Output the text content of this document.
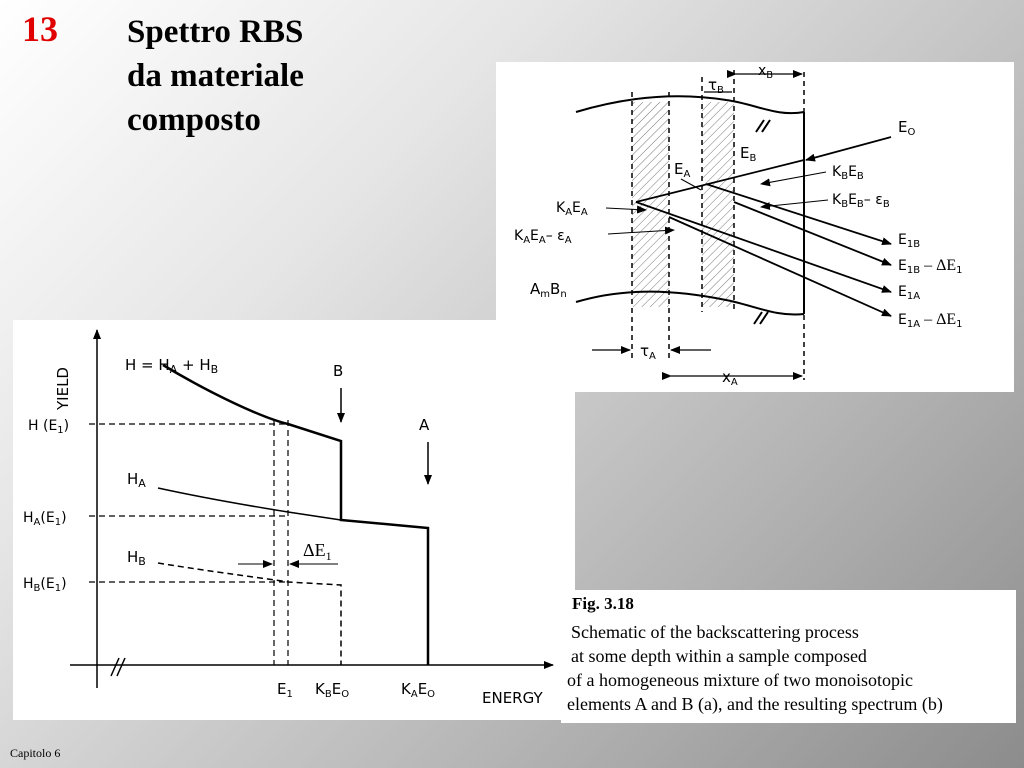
13 Spettro RBS
da materiale
composto
$x_B$
$\tau_B$
$E_O$
$E_B$
$E_A$	$K_BE_B$
$K_BE_B-$ $\varepsilon_B$
$K_AE_A$
$K_AE_A-$ $\varepsilon_A$	$E_{1B}$
$E_{1B} - \Delta E_1$
$E_{1A}$
$E_{1A} - \Delta E_1$
$A_mB_n$
$\tau_A$
$x_A$
YIELD
ENERGY
$H = H_A + H_B$
$H_A$
$H_B$
B
A
H $(E_1)$
$H_A(E_1)$
$H_B(E_1)$
$\Delta E_1$
$E_1$ $K_BE_O$	$K_AE_O$
Fig. 3.18
Schematic of the backscattering process
at some depth within a sample composed
of a homogeneous mixture of two monoisotopic
elements A and B (a), and the resulting spectrum (b)
Capitolo 6
